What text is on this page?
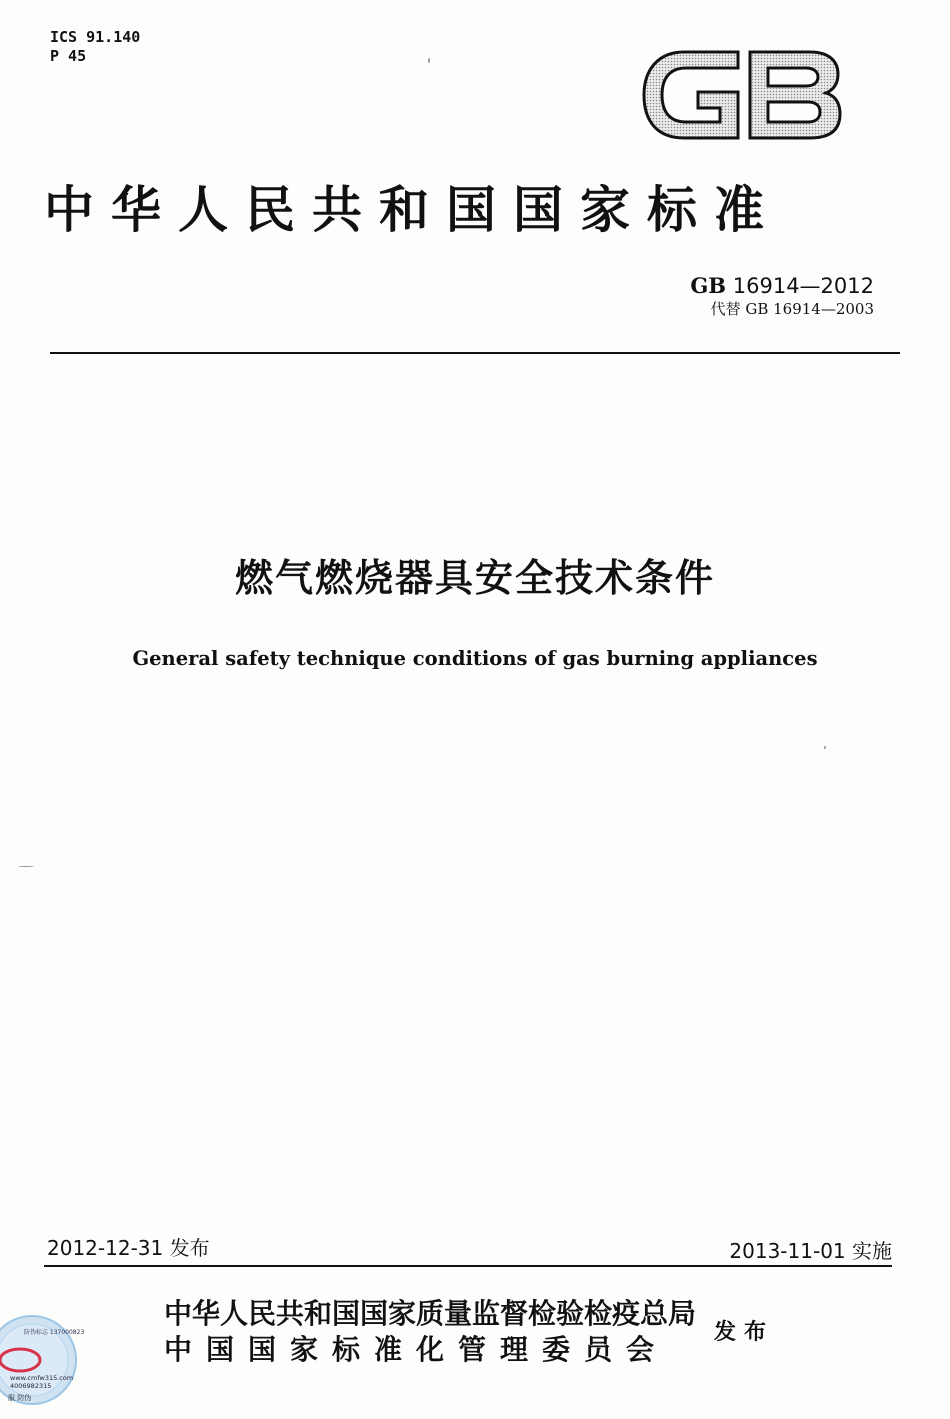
ICS 91.140
P 45
中华人民共和国国家标准
GB 16914—2012
代替 GB 16914—2003
燃气燃烧器具安全技术条件
General safety technique conditions of gas burning appliances
2012-12-31 发布	2013-11-01 实施
中华人民共和国国家质量监督检验检疫总局
中国国家标准化管理委员会
发布
防伪标志 137000823
www.cmfw315.com
4006982315
服 防伪
